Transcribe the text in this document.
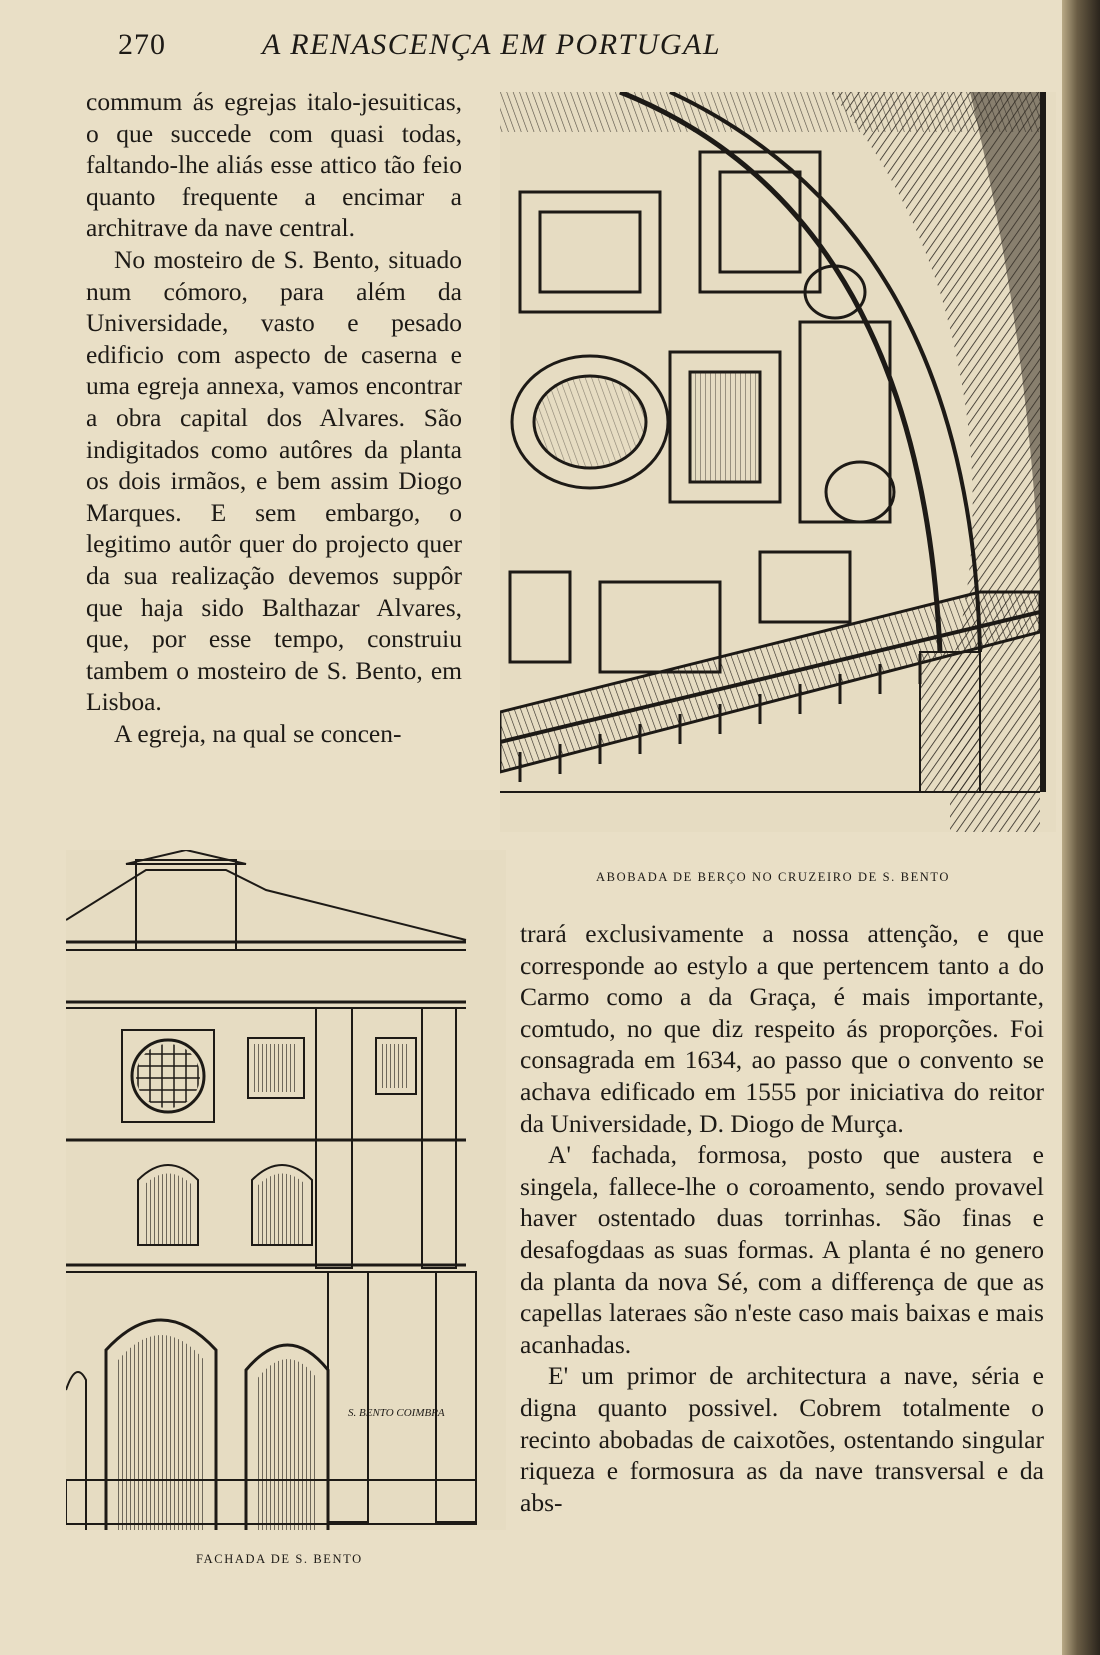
270	A RENASCENÇA EM PORTUGAL

commum ás egrejas italo-jesuiticas, o que succede com quasi todas, faltando-lhe aliás esse attico tão feio quanto frequente a encimar a architrave da nave central.

No mosteiro de S. Bento, situado num cómoro, para além da Universidade, vasto e pesado edificio com aspecto de caserna e uma egreja annexa, vamos encontrar a obra capital dos Alvares. São indigitados como autôres da planta os dois irmãos, e bem assim Diogo Marques. E sem embargo, o legitimo autôr quer do projecto quer da sua realização devemos suppôr que haja sido Balthazar Alvares, que, por esse tempo, construiu tambem o mosteiro de S. Bento, em Lisboa.

A egreja, na qual se concen-

ABOBADA DE BERÇO NO CRUZEIRO DE S. BENTO
S. BENTO COIMBRA
FACHADA DE S. BENTO

trará exclusivamente a nossa attenção, e que corresponde ao estylo a que pertencem tanto a do Carmo como a da Graça, é mais importante, comtudo, no que diz respeito ás proporções. Foi consagrada em 1634, ao passo que o convento se achava edificado em 1555 por iniciativa do reitor da Universidade, D. Diogo de Murça.

A' fachada, formosa, posto que austera e singela, fallece-lhe o coroamento, sendo provavel haver ostentado duas torrinhas. São finas e desafogdaas as suas formas. A planta é no genero da planta da nova Sé, com a differença de que as capellas lateraes são n'este caso mais baixas e mais acanhadas.

E' um primor de architectura a nave, séria e digna quanto possivel. Cobrem totalmente o recinto abobadas de caixotões, ostentando singular riqueza e formosura as da nave transversal e da abs-
